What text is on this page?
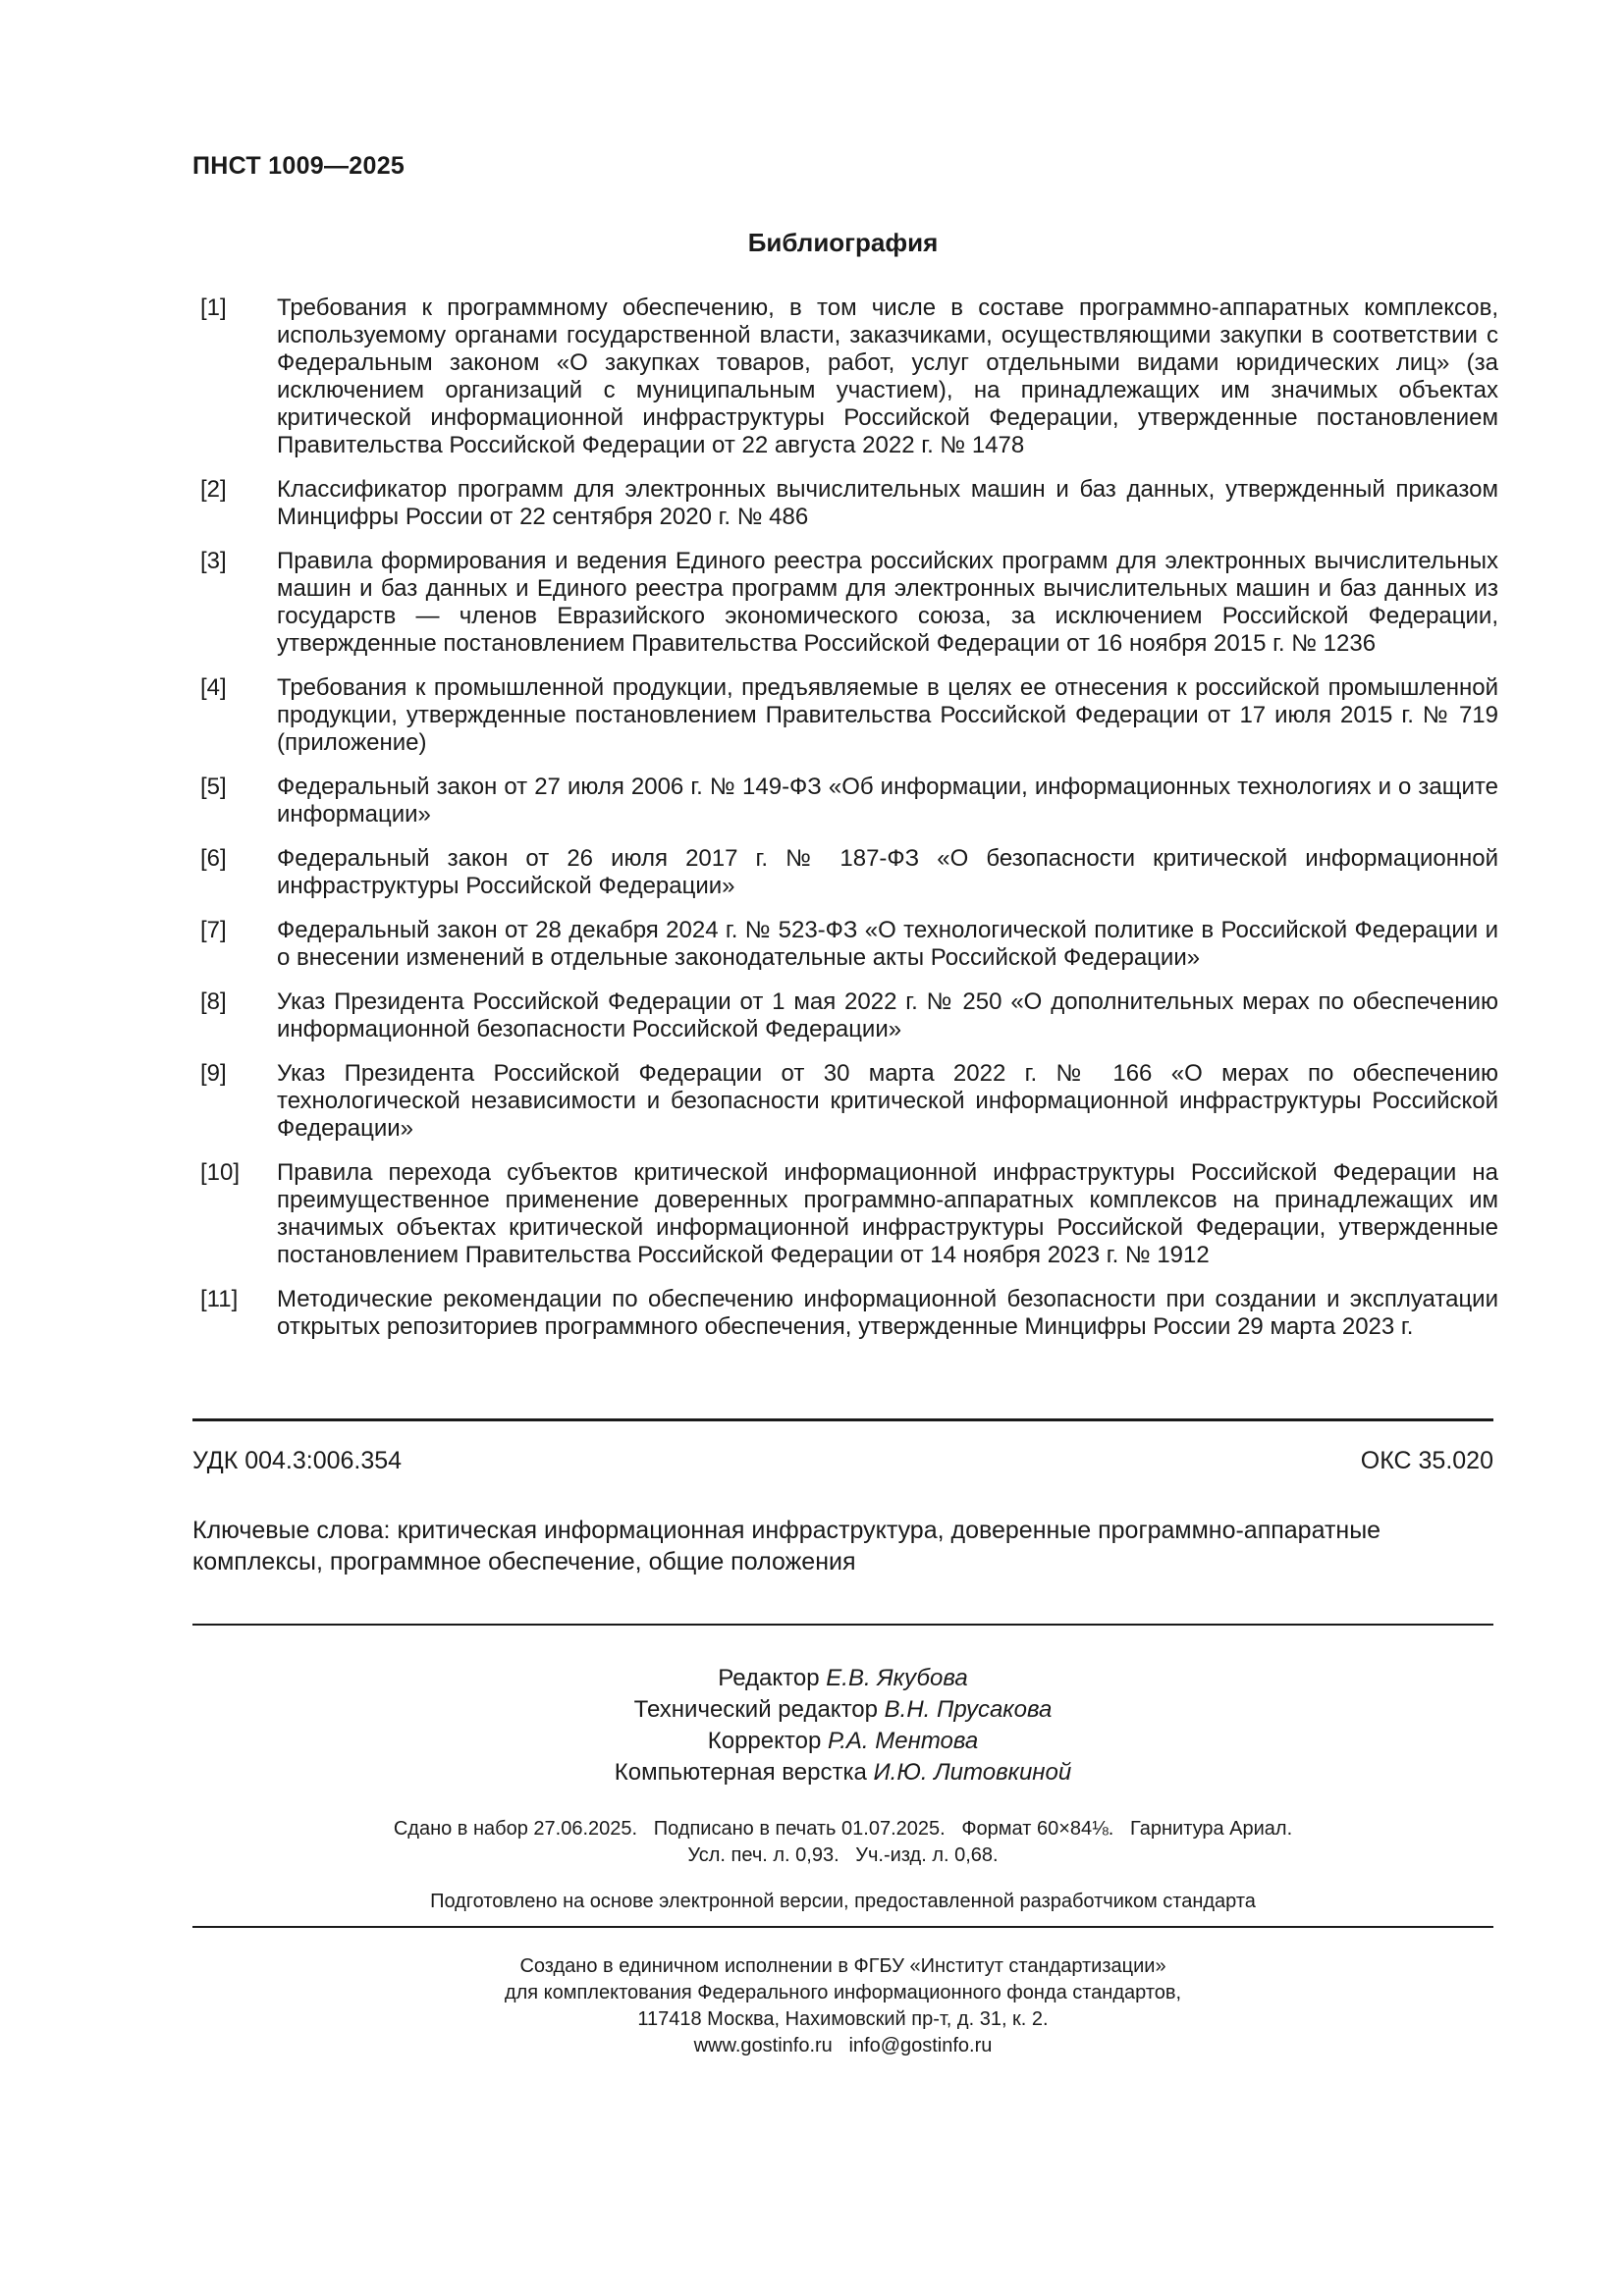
ПНСТ 1009—2025
Библиография
[1]	Требования к программному обеспечению, в том числе в составе программно-аппаратных комплексов, используемому органами государственной власти, заказчиками, осуществляющими закупки в соответствии с Федеральным законом «О закупках товаров, работ, услуг отдельными видами юридических лиц» (за исключением организаций с муниципальным участием), на принадлежащих им значимых объектах критической информационной инфраструктуры Российской Федерации, утвержденные постановлением Правительства Российской Федерации от 22 августа 2022 г. № 1478
[2]	Классификатор программ для электронных вычислительных машин и баз данных, утвержденный приказом Минцифры России от 22 сентября 2020 г. № 486
[3]	Правила формирования и ведения Единого реестра российских программ для электронных вычислительных машин и баз данных и Единого реестра программ для электронных вычислительных машин и баз данных из государств — членов Евразийского экономического союза, за исключением Российской Федерации, утвержденные постановлением Правительства Российской Федерации от 16 ноября 2015 г. № 1236
[4]	Требования к промышленной продукции, предъявляемые в целях ее отнесения к российской промышленной продукции, утвержденные постановлением Правительства Российской Федерации от 17 июля 2015 г. № 719 (приложение)
[5]	Федеральный закон от 27 июля 2006 г. № 149-ФЗ «Об информации, информационных технологиях и о защите информации»
[6]	Федеральный закон от 26 июля 2017 г. № 187-ФЗ «О безопасности критической информационной инфраструктуры Российской Федерации»
[7]	Федеральный закон от 28 декабря 2024 г. № 523-ФЗ «О технологической политике в Российской Федерации и о внесении изменений в отдельные законодательные акты Российской Федерации»
[8]	Указ Президента Российской Федерации от 1 мая 2022 г. № 250 «О дополнительных мерах по обеспечению информационной безопасности Российской Федерации»
[9]	Указ Президента Российской Федерации от 30 марта 2022 г. № 166 «О мерах по обеспечению технологической независимости и безопасности критической информационной инфраструктуры Российской Федерации»
[10]	Правила перехода субъектов критической информационной инфраструктуры Российской Федерации на преимущественное применение доверенных программно-аппаратных комплексов на принадлежащих им значимых объектах критической информационной инфраструктуры Российской Федерации, утвержденные постановлением Правительства Российской Федерации от 14 ноября 2023 г. № 1912
[11]	Методические рекомендации по обеспечению информационной безопасности при создании и эксплуатации открытых репозиториев программного обеспечения, утвержденные Минцифры России 29 марта 2023 г.
УДК 004.3:006.354	ОКС 35.020
Ключевые слова: критическая информационная инфраструктура, доверенные программно-аппаратные комплексы, программное обеспечение, общие положения
Редактор Е.В. Якубова
Технический редактор В.Н. Прусакова
Корректор Р.А. Ментова
Компьютерная верстка И.Ю. Литовкиной
Сдано в набор 27.06.2025.   Подписано в печать 01.07.2025.   Формат 60×84⅛.   Гарнитура Ариал.
Усл. печ. л. 0,93.   Уч.-изд. л. 0,68.
Подготовлено на основе электронной версии, предоставленной разработчиком стандарта
Создано в единичном исполнении в ФГБУ «Институт стандартизации»
для комплектования Федерального информационного фонда стандартов,
117418 Москва, Нахимовский пр-т, д. 31, к. 2.
www.gostinfo.ru   info@gostinfo.ru
